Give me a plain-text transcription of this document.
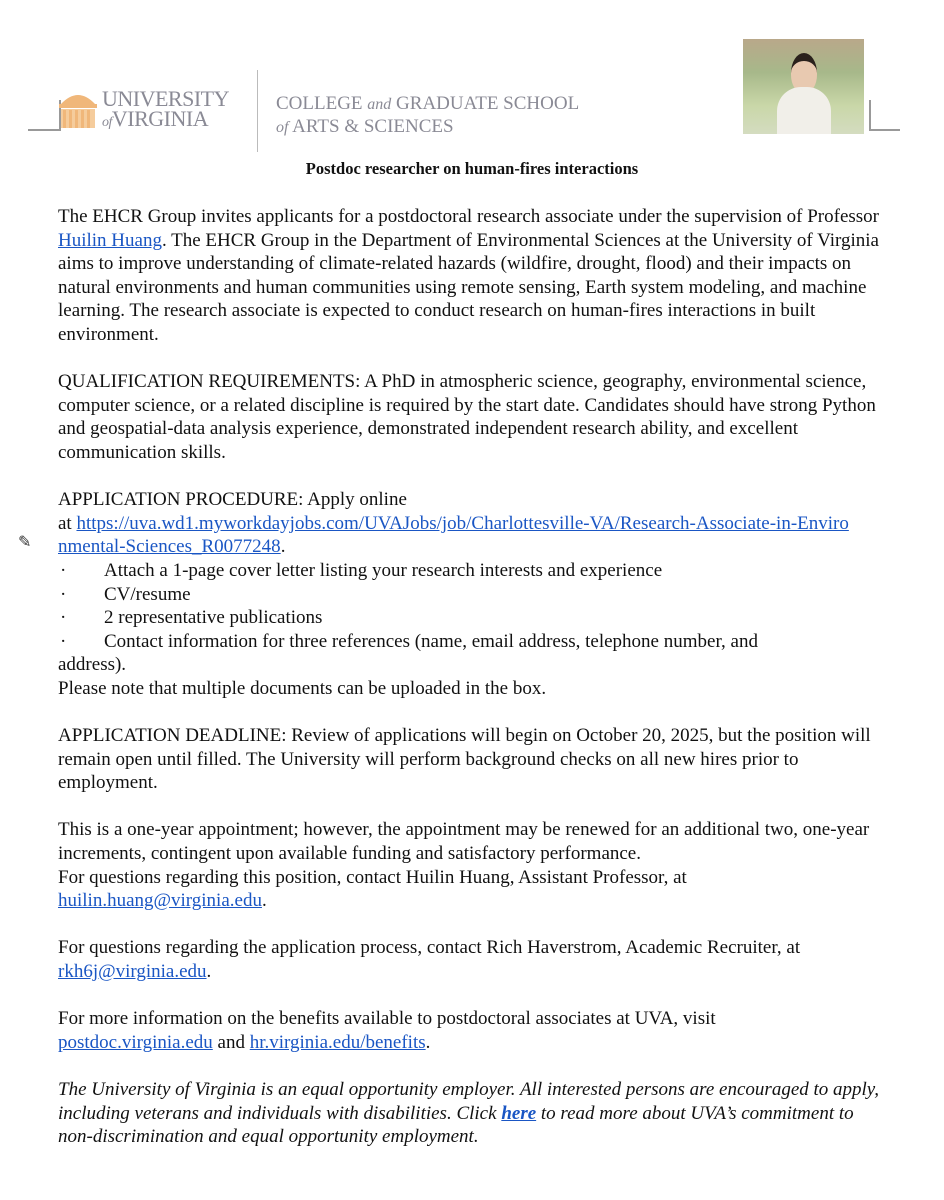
UNIVERSITY
ofVIRGINIA
COLLEGE and GRADUATE SCHOOL
of ARTS & SCIENCES
Postdoc researcher on human-fires interactions
✎

The EHCR Group invites applicants for a postdoctoral research associate under the supervision of Professor Huilin Huang. The EHCR Group in the Department of Environmental Sciences at the University of Virginia aims to improve understanding of climate-related hazards (wildfire, drought, flood) and their impacts on natural environments and human communities using remote sensing, Earth system modeling, and machine learning. The research associate is expected to conduct research on human-fires interactions in built environment.

QUALIFICATION REQUIREMENTS: A PhD in atmospheric science, geography, environmental science, computer science, or a related discipline is required by the start date. Candidates should have strong Python and geospatial-data analysis experience, demonstrated independent research ability, and excellent communication skills.

APPLICATION PROCEDURE: Apply online
at https://uva.wd1.myworkdayjobs.com/UVAJobs/job/Charlottesville-VA/Research-Associate-in-Environmental-Sciences_R0077248.
·	Attach a 1-page cover letter listing your research interests and experience
·	CV/resume
·	2 representative publications
·	Contact information for three references (name, email address, telephone number, and
address).

Please note that multiple documents can be uploaded in the box.

APPLICATION DEADLINE: Review of applications will begin on October 20, 2025, but the position will remain open until filled. The University will perform background checks on all new hires prior to employment.

This is a one-year appointment; however, the appointment may be renewed for an additional two, one-year increments, contingent upon available funding and satisfactory performance.
For questions regarding this position, contact Huilin Huang, Assistant Professor, at
huilin.huang@virginia.edu.

For questions regarding the application process, contact Rich Haverstrom, Academic Recruiter, at rkh6j@virginia.edu.

For more information on the benefits available to postdoctoral associates at UVA, visit
postdoc.virginia.edu and hr.virginia.edu/benefits.

The University of Virginia is an equal opportunity employer. All interested persons are encouraged to apply, including veterans and individuals with disabilities. Click here to read more about UVA’s commitment to non-discrimination and equal opportunity employment.
